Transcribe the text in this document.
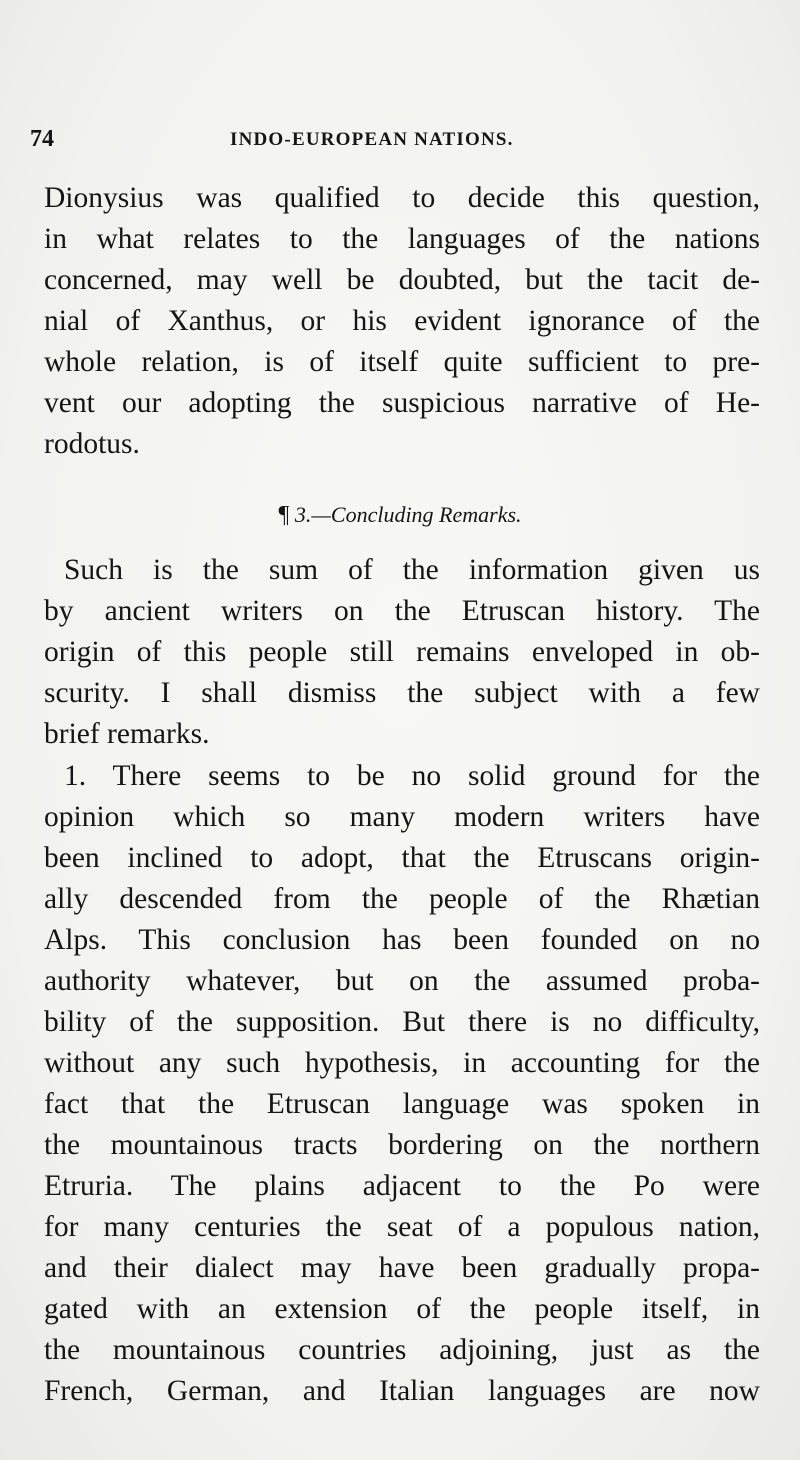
74	INDO-EUROPEAN NATIONS.
Dionysius was qualified to decide this question,
in what relates to the languages of the nations
concerned, may well be doubted, but the tacit de-
nial of Xanthus, or his evident ignorance of the
whole relation, is of itself quite sufficient to pre-
vent our adopting the suspicious narrative of He-
rodotus.
¶ 3.—Concluding Remarks.
Such is the sum of the information given us
by ancient writers on the Etruscan history. The
origin of this people still remains enveloped in ob-
scurity. I shall dismiss the subject with a few
brief remarks.
1. There seems to be no solid ground for the
opinion which so many modern writers have
been inclined to adopt, that the Etruscans origin-
ally descended from the people of the Rhætian
Alps. This conclusion has been founded on no
authority whatever, but on the assumed proba-
bility of the supposition. But there is no difficulty,
without any such hypothesis, in accounting for the
fact that the Etruscan language was spoken in
the mountainous tracts bordering on the northern
Etruria. The plains adjacent to the Po were
for many centuries the seat of a populous nation,
and their dialect may have been gradually propa-
gated with an extension of the people itself, in
the mountainous countries adjoining, just as the
French, German, and Italian languages are now
